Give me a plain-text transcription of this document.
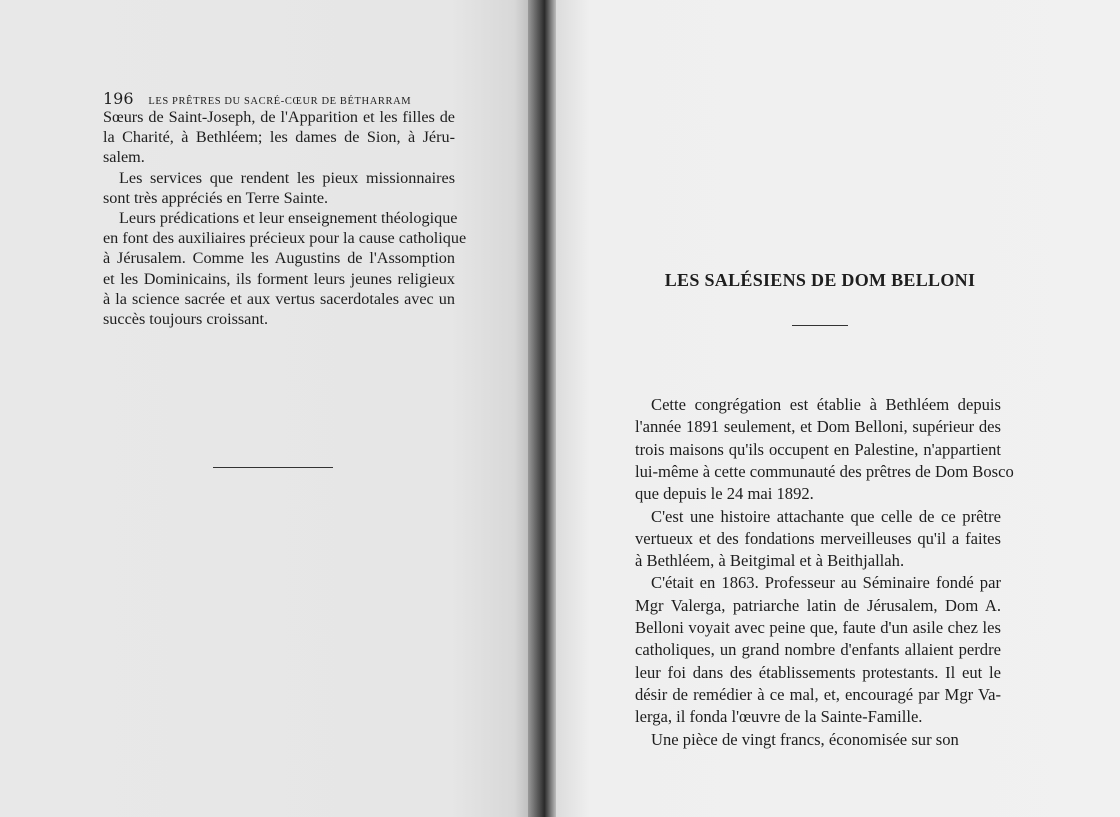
196 LES PRÊTRES DU SACRÉ-CŒUR DE BÉTHARRAM
Sœurs de Saint-Joseph, de l'Apparition et les filles de
la Charité, à Bethléem; les dames de Sion, à Jéru-
salem.
Les services que rendent les pieux missionnaires
sont très appréciés en Terre Sainte.
Leurs prédications et leur enseignement théologique
en font des auxiliaires précieux pour la cause catholique
à Jérusalem. Comme les Augustins de l'Assomption
et les Dominicains, ils forment leurs jeunes religieux
à la science sacrée et aux vertus sacerdotales avec un
succès toujours croissant.
LES SALÉSIENS DE DOM BELLONI
Cette congrégation est établie à Bethléem depuis
l'année 1891 seulement, et Dom Belloni, supérieur des
trois maisons qu'ils occupent en Palestine, n'appartient
lui-même à cette communauté des prêtres de Dom Bosco
que depuis le 24 mai 1892.
C'est une histoire attachante que celle de ce prêtre
vertueux et des fondations merveilleuses qu'il a faites
à Bethléem, à Beitgimal et à Beithjallah.
C'était en 1863. Professeur au Séminaire fondé par
Mgr Valerga, patriarche latin de Jérusalem, Dom A.
Belloni voyait avec peine que, faute d'un asile chez les
catholiques, un grand nombre d'enfants allaient perdre
leur foi dans des établissements protestants. Il eut le
désir de remédier à ce mal, et, encouragé par Mgr Va-
lerga, il fonda l'œuvre de la Sainte-Famille.
Une pièce de vingt francs, économisée sur son
